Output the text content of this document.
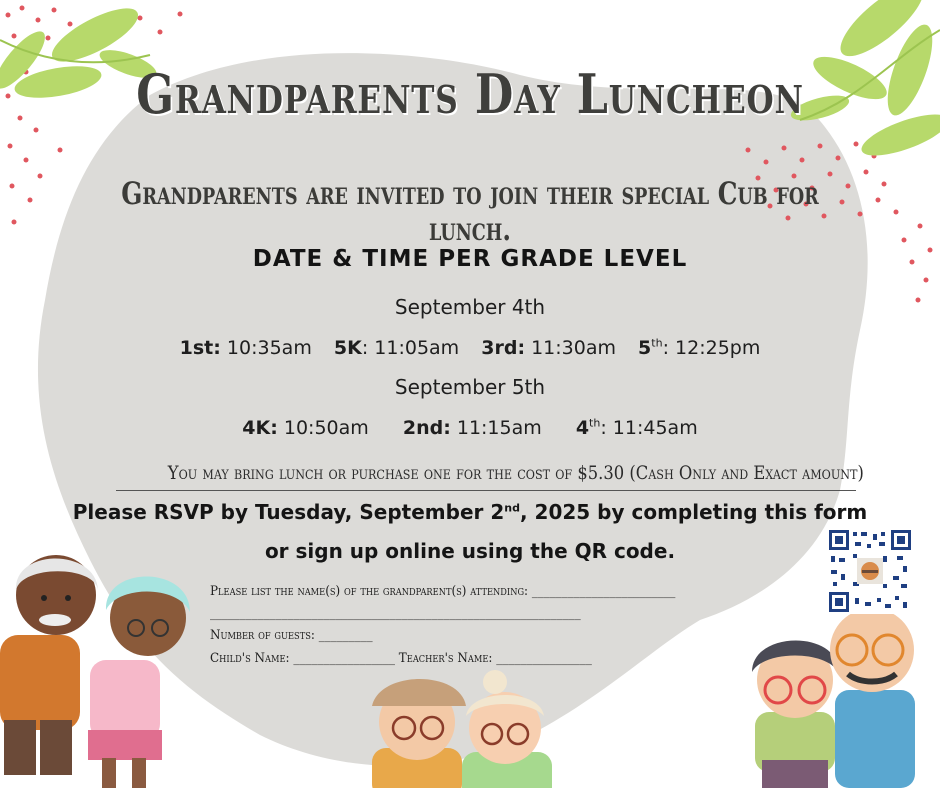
Grandparents Day Luncheon
Grandparents are invited to join their special Cub for lunch.
DATE & TIME PER GRADE LEVEL
September 4th
1st: 10:35am 5K: 11:05am 3rd: 11:30am 5th: 12:25pm
September 5th
4K: 10:50am 2nd: 11:15am 4th: 11:45am
You may bring lunch or purchase one for the cost of $5.30 (Cash Only and Exact amount)
Please RSVP by Tuesday, September 2nd, 2025 by completing this form
or sign up online using the QR code.
Please list the name(s) of the grandparent(s) attending: ________________________
______________________________________________________________
Number of guests: _________
Child's Name: _________________ Teacher's Name: ________________
